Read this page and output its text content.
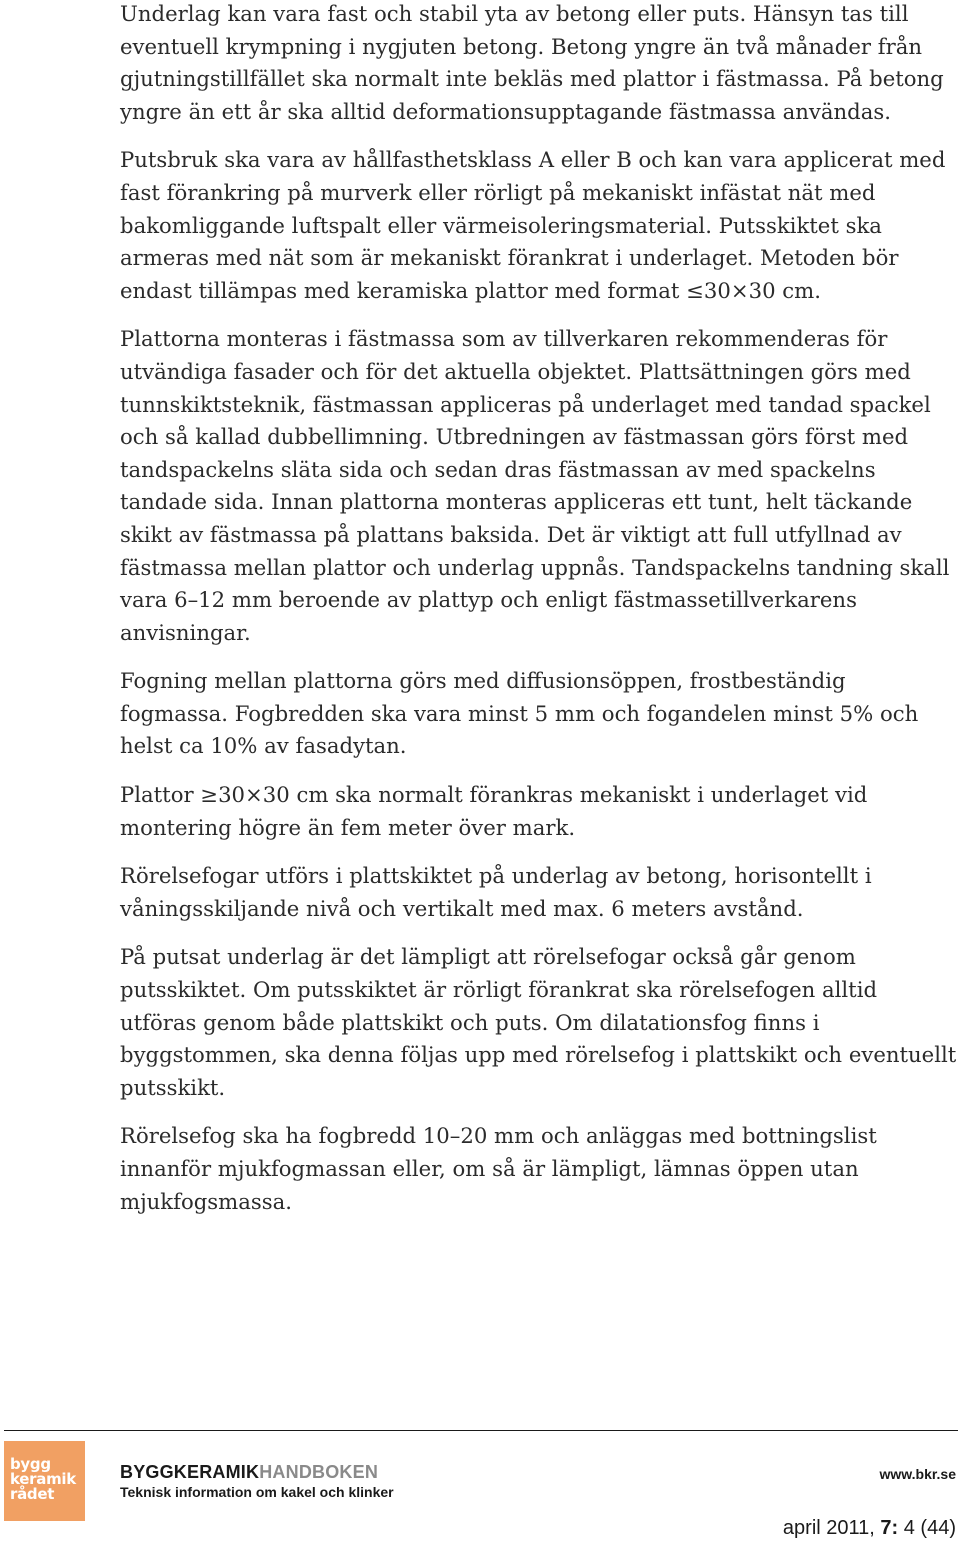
Underlag kan vara fast och stabil yta av betong eller puts. Hänsyn tas till eventuell krympning i nygjuten betong. Betong yngre än två månader från gjutningstillfället ska normalt inte bekläs med plattor i fästmassa. På betong yngre än ett år ska alltid deformationsupptagande fästmassa användas.

Putsbruk ska vara av hållfasthetsklass A eller B och kan vara applicerat med fast förankring på murverk eller rörligt på mekaniskt infästat nät med bakomliggande luftspalt eller värmeisoleringsmaterial. Putsskiktet ska armeras med nät som är mekaniskt förankrat i underlaget. Metoden bör endast tillämpas med keramiska plattor med format ≤30×30 cm.

Plattorna monteras i fästmassa som av tillverkaren rekommenderas för utvändiga fasader och för det aktuella objektet. Plattsättningen görs med tunnskiktsteknik, fästmassan appliceras på underlaget med tandad spackel och så kallad dubbellimning. Utbredningen av fästmassan görs först med tandspackelns släta sida och sedan dras fästmassan av med spackelns tandade sida. Innan plattorna monteras appliceras ett tunt, helt täckande skikt av fästmassa på plattans baksida. Det är viktigt att full utfyllnad av fästmassa mellan plattor och underlag uppnås. Tandspackelns tandning skall vara 6–12 mm beroende av plattyp och enligt fästmassetillverkarens anvisningar.

Fogning mellan plattorna görs med diffusionsöppen, frostbeständig fogmassa. Fogbredden ska vara minst 5 mm och fogandelen minst 5% och helst ca 10% av fasadytan.

Plattor ≥30×30 cm ska normalt förankras mekaniskt i underlaget vid montering högre än fem meter över mark.

Rörelsefogar utförs i plattskiktet på underlag av betong, horisontellt i våningsskiljande nivå och vertikalt med max. 6 meters avstånd.

På putsat underlag är det lämpligt att rörelsefogar också går genom putsskiktet. Om putsskiktet är rörligt förankrat ska rörelsefogen alltid utföras genom både plattskikt och puts. Om dilatationsfog finns i byggstommen, ska denna följas upp med rörelsefog i plattskikt och eventuellt putsskikt.

Rörelsefog ska ha fogbredd 10–20 mm och anläggas med bottningslist innanför mjukfogmassan eller, om så är lämpligt, lämnas öppen utan mjukfogsmassa.

bygg
keramik
rådet
BYGGKERAMIKHANDBOKEN
Teknisk information om kakel och klinker
www.bkr.se
april 2011, 7: 4 (44)
